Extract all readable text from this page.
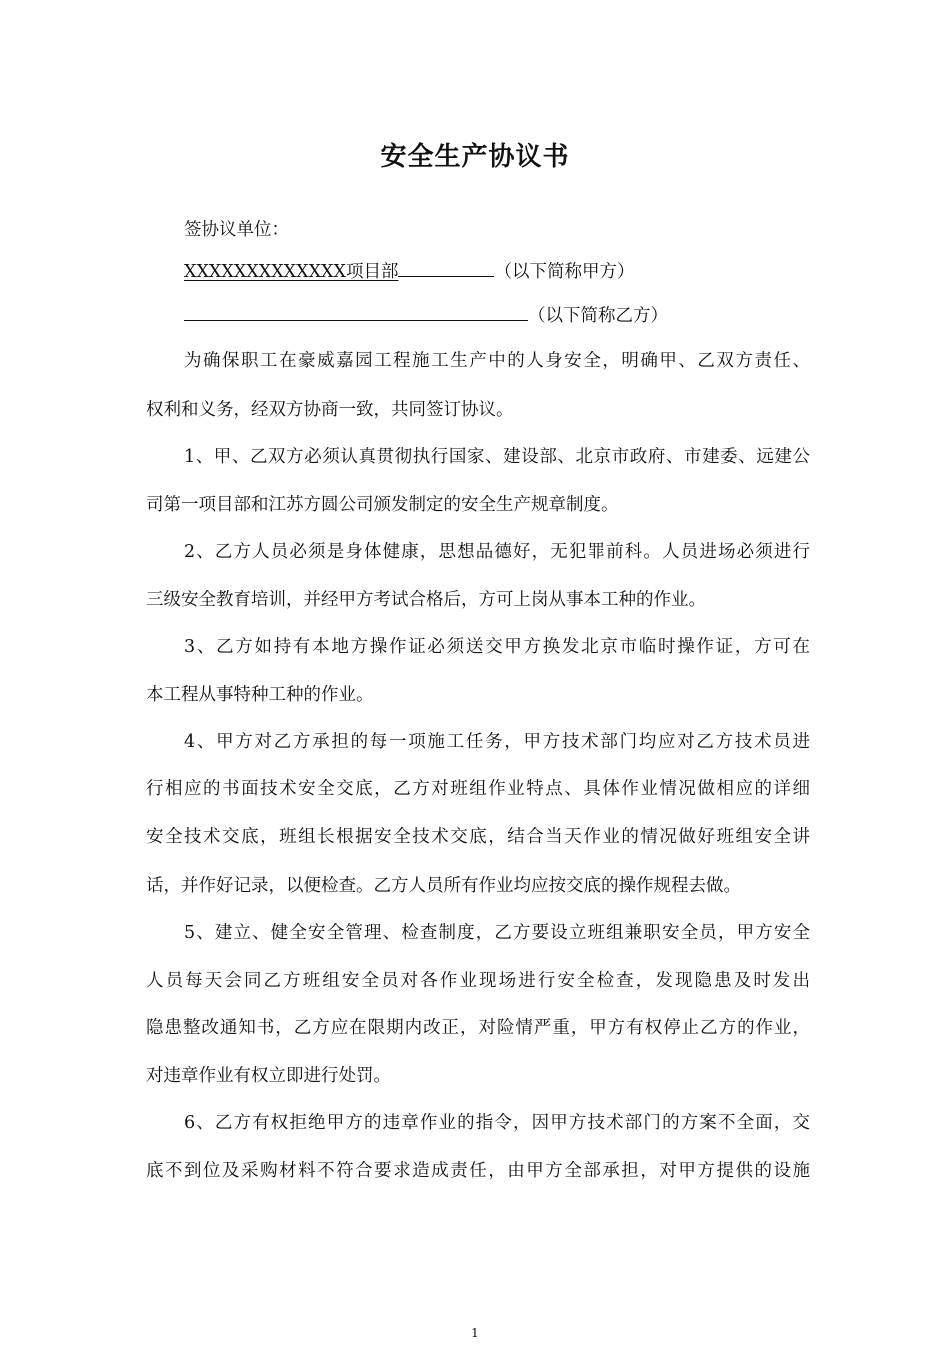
安全生产协议书
签协议单位：
XXXXXXXXXXXXX项目部	（以下简称甲方）
（以下简称乙方）
为确保职工在豪威嘉园工程施工生产中的人身安全，明确甲、乙双方责任、
权利和义务，经双方协商一致，共同签订协议。
1、甲、乙双方必须认真贯彻执行国家、建设部、北京市政府、市建委、远建公
司第一项目部和江苏方圆公司颁发制定的安全生产规章制度。
2、乙方人员必须是身体健康，思想品德好，无犯罪前科。人员进场必须进行
三级安全教育培训，并经甲方考试合格后，方可上岗从事本工种的作业。
3、乙方如持有本地方操作证必须送交甲方换发北京市临时操作证，方可在
本工程从事特种工种的作业。
4、甲方对乙方承担的每一项施工任务，甲方技术部门均应对乙方技术员进
行相应的书面技术安全交底，乙方对班组作业特点、具体作业情况做相应的详细
安全技术交底，班组长根据安全技术交底，结合当天作业的情况做好班组安全讲
话，并作好记录，以便检查。乙方人员所有作业均应按交底的操作规程去做。
5、建立、健全安全管理、检查制度，乙方要设立班组兼职安全员，甲方安全
人员每天会同乙方班组安全员对各作业现场进行安全检查，发现隐患及时发出
隐患整改通知书，乙方应在限期内改正，对险情严重，甲方有权停止乙方的作业，
对违章作业有权立即进行处罚。
6、乙方有权拒绝甲方的违章作业的指令，因甲方技术部门的方案不全面，交
底不到位及采购材料不符合要求造成责任，由甲方全部承担，对甲方提供的设施
1
